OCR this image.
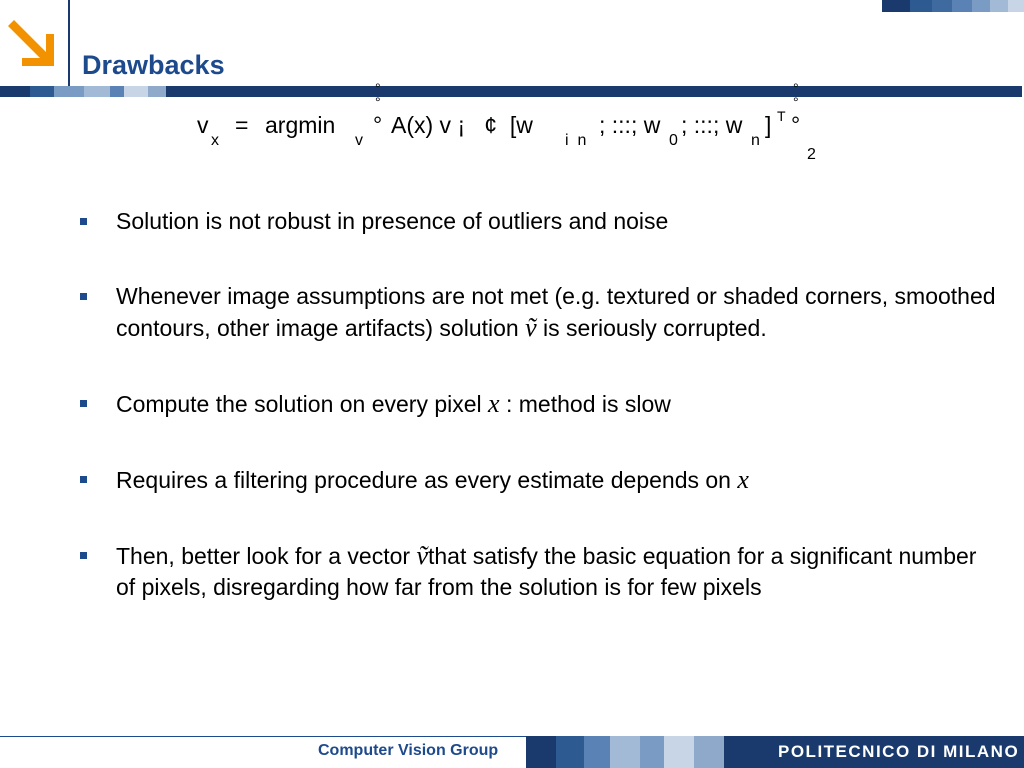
Drawbacks
v
x
= argmin
v
°
°
° A(x) v ¡   ¢  [w
i  n
; :::; w
0
; :::; w
n
] T
°
°
°
2
Solution is not robust in presence of outliers and noise
Whenever image assumptions are not met (e.g. textured or shaded corners, smoothed contours, other image artifacts) solution ṽ is seriously corrupted.
Compute the solution on every pixel x : method is slow
Requires a filtering procedure as every estimate depends on x
Then, better look for a vector ṽthat satisfy the basic equation for a significant number of pixels, disregarding how far from the solution is for few pixels
Computer Vision Group	POLITECNICO DI MILANO
